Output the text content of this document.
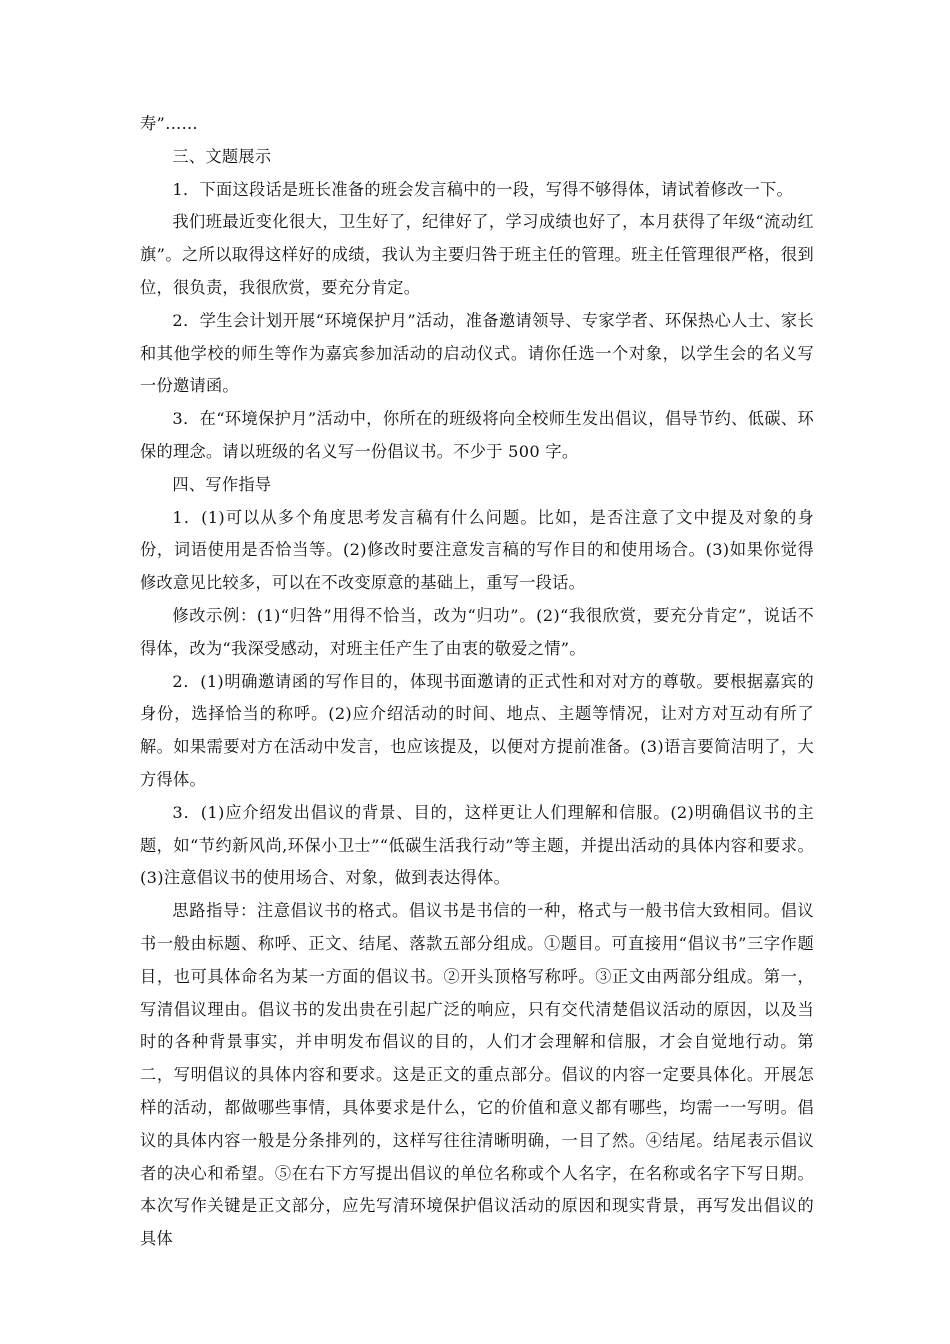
寿”……

三、文题展示

1．下面这段话是班长准备的班会发言稿中的一段，写得不够得体，请试着修改一下。

我们班最近变化很大，卫生好了，纪律好了，学习成绩也好了，本月获得了年级“流动红旗”。之所以取得这样好的成绩，我认为主要归咎于班主任的管理。班主任管理很严格，很到位，很负责，我很欣赏，要充分肯定。

2．学生会计划开展“环境保护月”活动，准备邀请领导、专家学者、环保热心人士、家长和其他学校的师生等作为嘉宾参加活动的启动仪式。请你任选一个对象，以学生会的名义写一份邀请函。

3．在“环境保护月”活动中，你所在的班级将向全校师生发出倡议，倡导节约、低碳、环保的理念。请以班级的名义写一份倡议书。不少于 500 字。

四、写作指导

1．(1)可以从多个角度思考发言稿有什么问题。比如，是否注意了文中提及对象的身份，词语使用是否恰当等。(2)修改时要注意发言稿的写作目的和使用场合。(3)如果你觉得修改意见比较多，可以在不改变原意的基础上，重写一段话。

修改示例：(1)“归咎”用得不恰当，改为“归功”。(2)“我很欣赏，要充分肯定”，说话不得体，改为“我深受感动，对班主任产生了由衷的敬爱之情”。

2．(1)明确邀请函的写作目的，体现书面邀请的正式性和对对方的尊敬。要根据嘉宾的身份，选择恰当的称呼。(2)应介绍活动的时间、地点、主题等情况，让对方对互动有所了解。如果需要对方在活动中发言，也应该提及，以便对方提前准备。(3)语言要简洁明了，大方得体。

3．(1)应介绍发出倡议的背景、目的，这样更让人们理解和信服。(2)明确倡议书的主题，如“节约新风尚,环保小卫士”“低碳生活我行动”等主题，并提出活动的具体内容和要求。(3)注意倡议书的使用场合、对象，做到表达得体。

思路指导：注意倡议书的格式。倡议书是书信的一种，格式与一般书信大致相同。倡议书一般由标题、称呼、正文、结尾、落款五部分组成。①题目。可直接用“倡议书”三字作题目，也可具体命名为某一方面的倡议书。②开头顶格写称呼。③正文由两部分组成。第一，写清倡议理由。倡议书的发出贵在引起广泛的响应，只有交代清楚倡议活动的原因，以及当时的各种背景事实，并申明发布倡议的目的，人们才会理解和信服，才会自觉地行动。第二，写明倡议的具体内容和要求。这是正文的重点部分。倡议的内容一定要具体化。开展怎样的活动，都做哪些事情，具体要求是什么，它的价值和意义都有哪些，均需一一写明。倡议的具体内容一般是分条排列的，这样写往往清晰明确，一目了然。④结尾。结尾表示倡议者的决心和希望。⑤在右下方写提出倡议的单位名称或个人名字，在名称或名字下写日期。本次写作关键是正文部分，应先写清环境保护倡议活动的原因和现实背景，再写发出倡议的具体
